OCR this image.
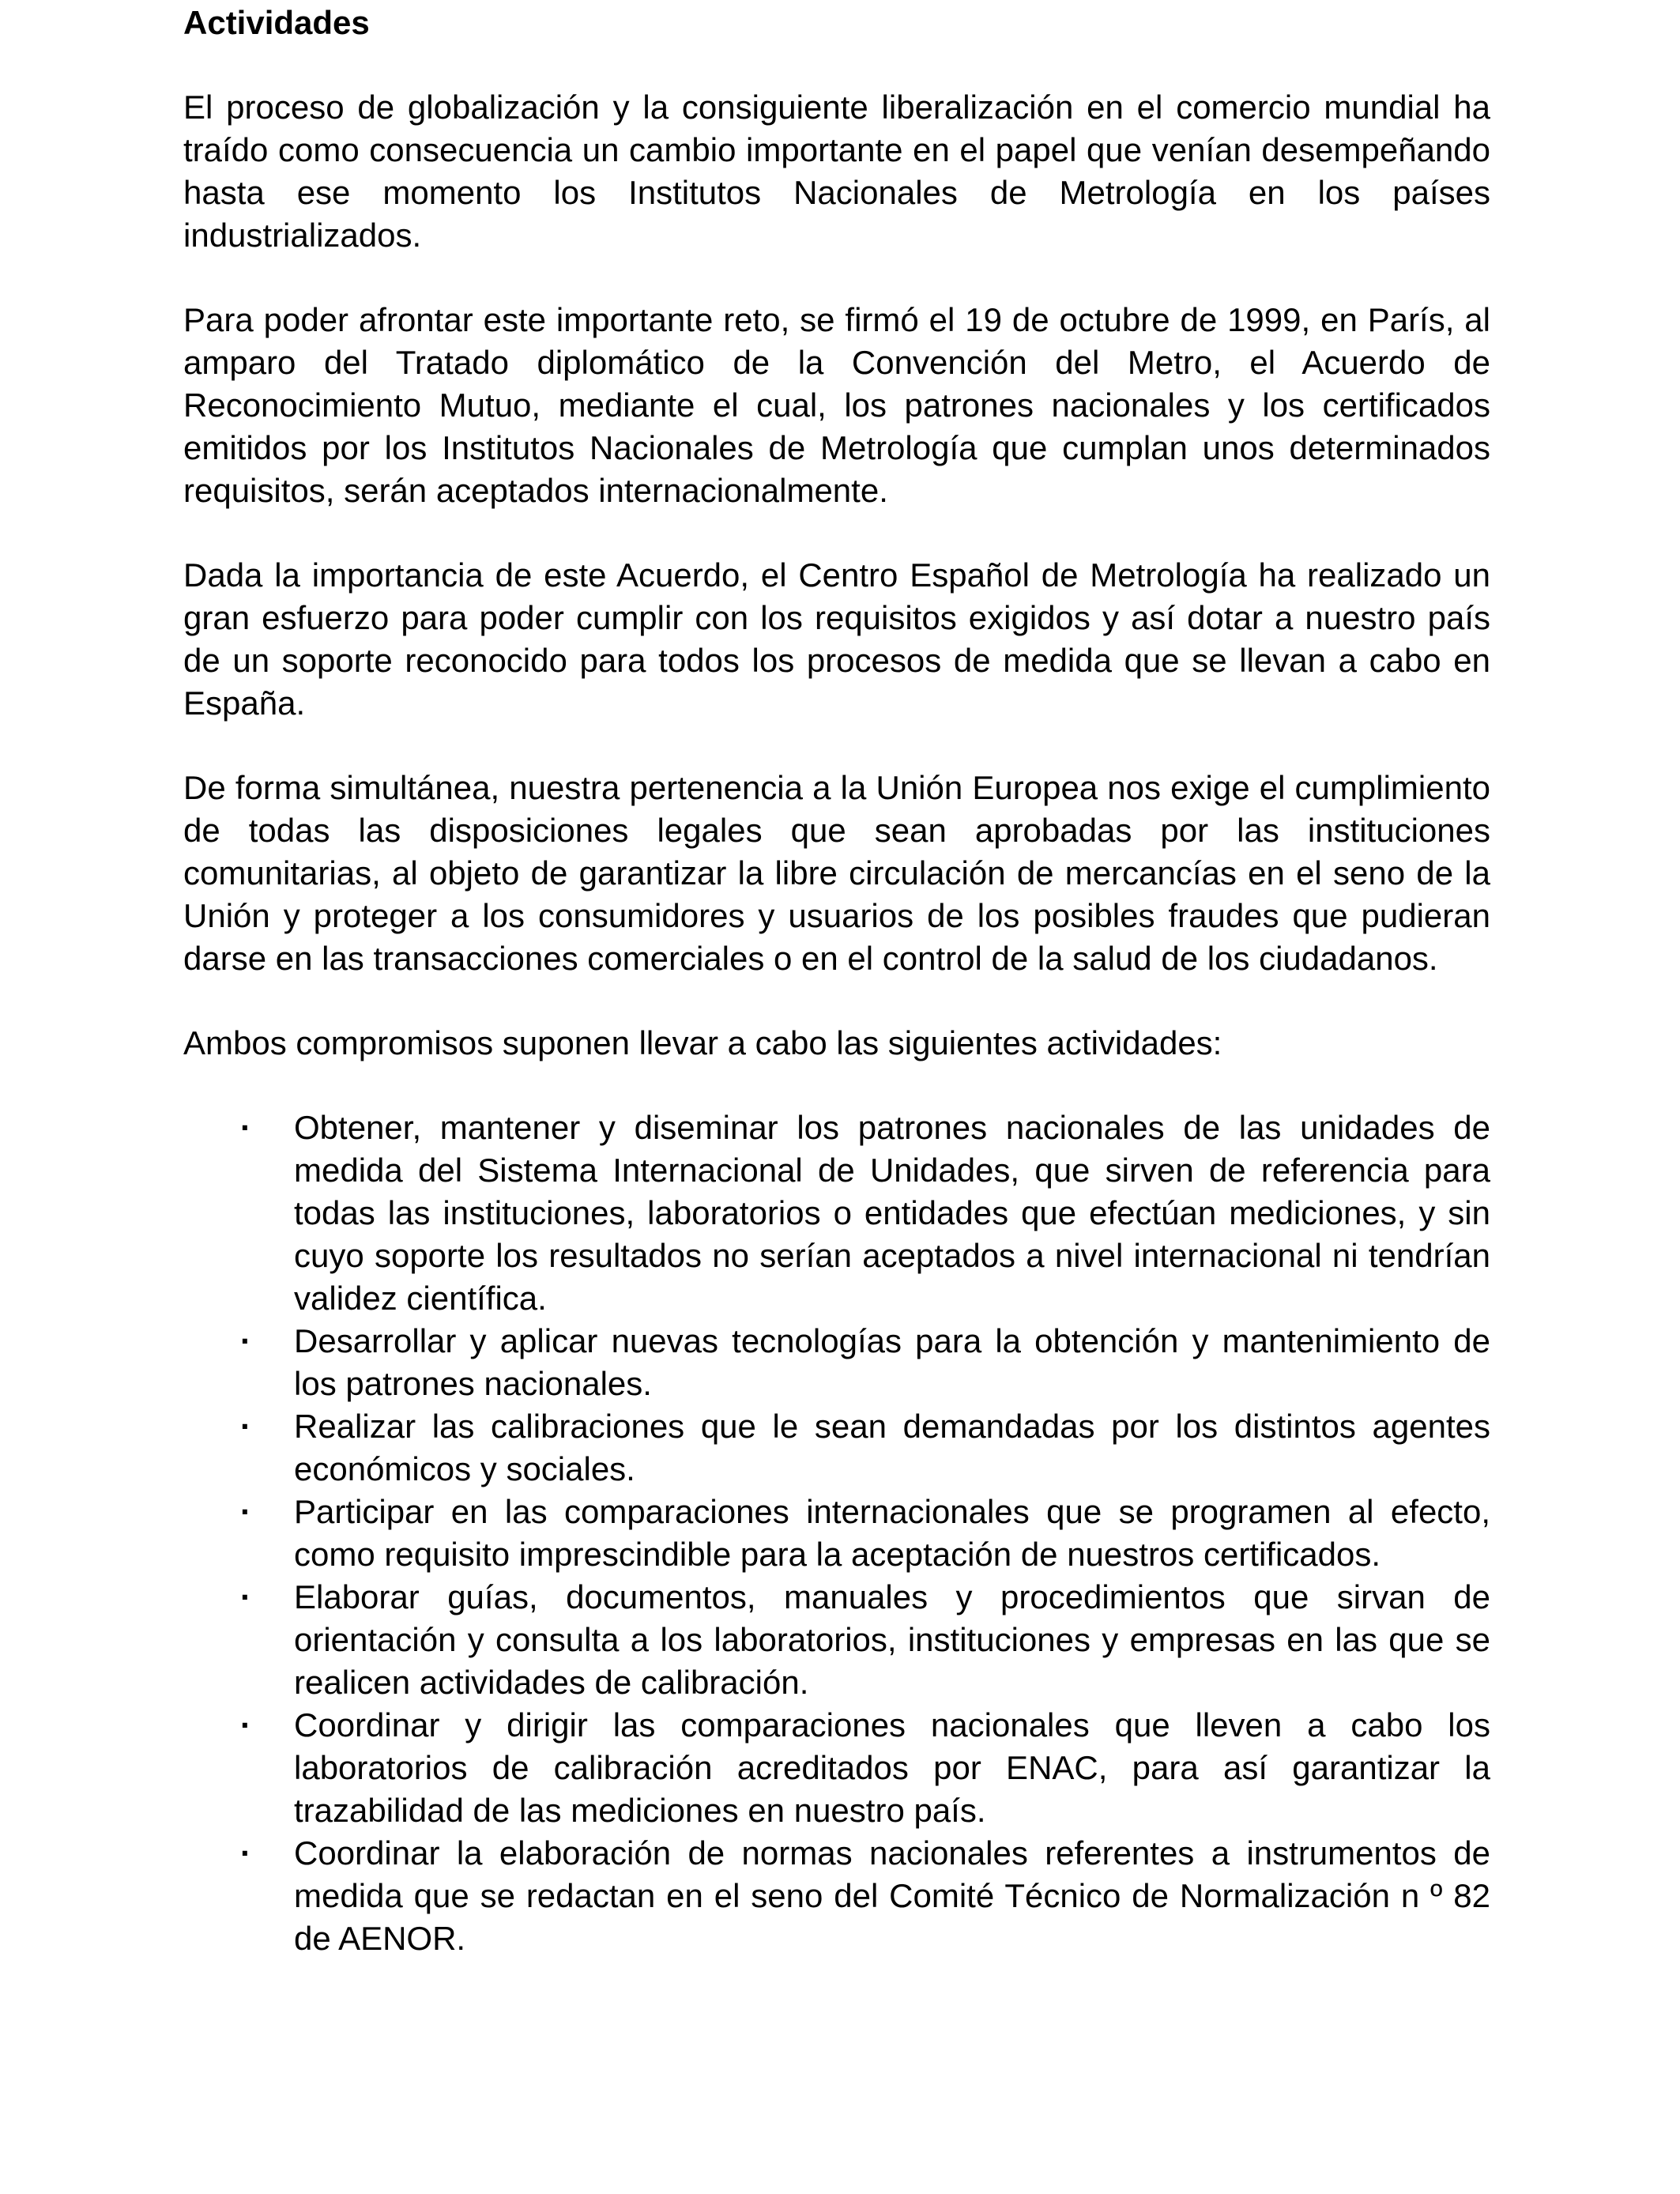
Actividades

El proceso de globalización y la consiguiente liberalización en el comercio mundial ha traído como consecuencia un cambio importante en el papel que venían desempeñando hasta ese momento los Institutos Nacionales de Metrología en los países industrializados.

Para poder afrontar este importante reto, se firmó el 19 de octubre de 1999, en París, al amparo del Tratado diplomático de la Convención del Metro, el Acuerdo de Reconocimiento Mutuo, mediante el cual, los patrones nacionales y los certificados emitidos por los Institutos Nacionales de Metrología que cumplan unos determinados requisitos, serán aceptados internacionalmente.

Dada la importancia de este Acuerdo, el Centro Español de Metrología ha realizado un gran esfuerzo para poder cumplir con los requisitos exigidos y así dotar a nuestro país de un soporte reconocido para todos los procesos de medida que se llevan a cabo en España.

De forma simultánea, nuestra pertenencia a la Unión Europea nos exige el cumplimiento de todas las disposiciones legales que sean aprobadas por las instituciones comunitarias, al objeto de garantizar la libre circulación de mercancías en el seno de la Unión y proteger a los consumidores y usuarios de los posibles fraudes que pudieran darse en las transacciones comerciales o en el control de la salud de los ciudadanos.

Ambos compromisos suponen llevar a cabo las siguientes actividades:

· Obtener, mantener y diseminar los patrones nacionales de las unidades de medida del Sistema Internacional de Unidades, que sirven de referencia para todas las instituciones, laboratorios o entidades que efectúan mediciones, y sin cuyo soporte los resultados no serían aceptados a nivel internacional ni tendrían validez científica.
· Desarrollar y aplicar nuevas tecnologías para la obtención y mantenimiento de los patrones nacionales.
· Realizar las calibraciones que le sean demandadas por los distintos agentes económicos y sociales.
· Participar en las comparaciones internacionales que se programen al efecto, como requisito imprescindible para la aceptación de nuestros certificados.
· Elaborar guías, documentos, manuales y procedimientos que sirvan de orientación y consulta a los laboratorios, instituciones y empresas en las que se realicen actividades de calibración.
· Coordinar y dirigir las comparaciones nacionales que lleven a cabo los laboratorios de calibración acreditados por ENAC, para así garantizar la trazabilidad de las mediciones en nuestro país.
· Coordinar la elaboración de normas nacionales referentes a instrumentos de medida que se redactan en el seno del Comité Técnico de Normalización n º 82 de AENOR.
